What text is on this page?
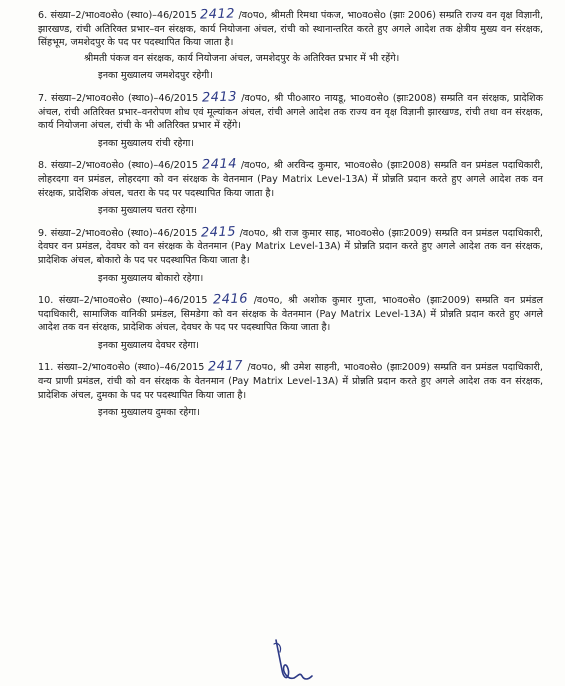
6. संख्या–2/भाoवoसेo (स्थाo)–46/2015 2412 /वoपo, श्रीमती रिमथा पंकज, भाoवoसेo (झाः 2006) सम्प्रति राज्य वन वृक्ष विज्ञानी, झारखण्ड, रांची अतिरिक्त प्रभार–वन संरक्षक, कार्य नियोजना अंचल, रांची को स्थानान्तरित करते हुए अगले आदेश तक क्षेत्रीय मुख्य वन संरक्षक, सिंहभूम, जमशेदपुर के पद पर पदस्थापित किया जाता है।
श्रीमती पंकज वन संरक्षक, कार्य नियोजना अंचल, जमशेदपुर के अतिरिक्त प्रभार में भी रहेंगे।
इनका मुख्यालय जमशेदपुर रहेगी।
7. संख्या–2/भाoवoसेo (स्थाo)–46/2015 2413 /वoपo, श्री पीoआरo नायडू, भाoवoसेo (झाः2008) सम्प्रति वन संरक्षक, प्रादेशिक अंचल, रांची अतिरिक्त प्रभार–वनरोपण शोध एवं मूल्यांकन अंचल, रांची अगले आदेश तक राज्य वन वृक्ष विज्ञानी झारखण्ड, रांची तथा वन संरक्षक, कार्य नियोजना अंचल, रांची के भी अतिरिक्त प्रभार में रहेंगे।
इनका मुख्यालय रांची रहेगा।
8. संख्या–2/भाoवoसेo (स्थाo)–46/2015 2414 /वoपo, श्री अरविन्द कुमार, भाoवoसेo (झाः2008) सम्प्रति वन प्रमंडल पदाधिकारी, लोहरदगा वन प्रमंडल, लोहरदगा को वन संरक्षक के वेतनमान (Pay Matrix Level-13A) में प्रोन्नति प्रदान करते हुए अगले आदेश तक वन संरक्षक, प्रादेशिक अंचल, चतरा के पद पर पदस्थापित किया जाता है।
इनका मुख्यालय चतरा रहेगा।
9. संख्या–2/भाoवoसेo (स्थाo)–46/2015 2415 /वoपo, श्री राज कुमार साह, भाoवoसेo (झाः2009) सम्प्रति वन प्रमंडल पदाधिकारी, देवघर वन प्रमंडल, देवघर को वन संरक्षक के वेतनमान (Pay Matrix Level-13A) में प्रोन्नति प्रदान करते हुए अगले आदेश तक वन संरक्षक, प्रादेशिक अंचल, बोकारो के पद पर पदस्थापित किया जाता है।
इनका मुख्यालय बोकारो रहेगा।
10. संख्या–2/भाoवoसेo (स्थाo)–46/2015 2416 /वoपo, श्री अशोक कुमार गुप्ता, भाoवoसेo (झाः2009) सम्प्रति वन प्रमंडल पदाधिकारी, सामाजिक वानिकी प्रमंडल, सिमडेगा को वन संरक्षक के वेतनमान (Pay Matrix Level-13A) में प्रोन्नति प्रदान करते हुए अगले आदेश तक वन संरक्षक, प्रादेशिक अंचल, देवघर के पद पर पदस्थापित किया जाता है।
इनका मुख्यालय देवघर रहेगा।
11. संख्या–2/भाoवoसेo (स्थाo)–46/2015 2417 /वoपo, श्री उमेश साहनी, भाoवoसेo (झाः2009) सम्प्रति वन प्रमंडल पदाधिकारी, वन्य प्राणी प्रमंडल, रांची को वन संरक्षक के वेतनमान (Pay Matrix Level-13A) में प्रोन्नति प्रदान करते हुए अगले आदेश तक वन संरक्षक, प्रादेशिक अंचल, दुमका के पद पर पदस्थापित किया जाता है।
इनका मुख्यालय दुमका रहेगा।
